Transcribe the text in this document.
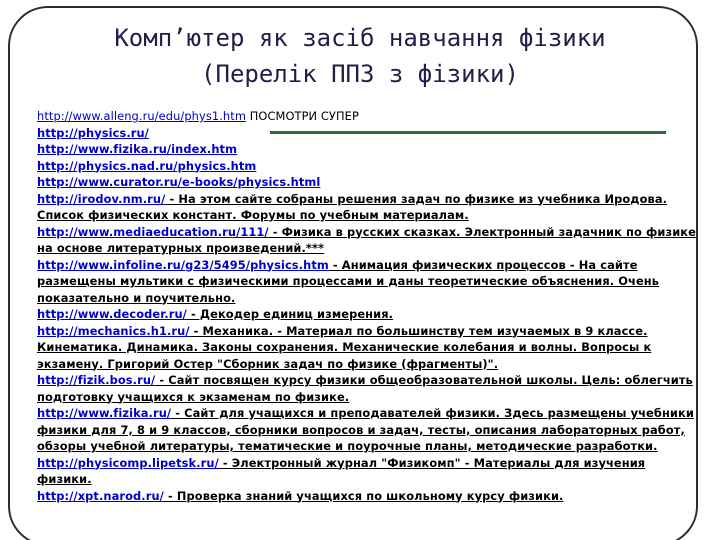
Комп’ютер як засіб навчання фізики
(Перелік ППЗ з фізики)

http://www.alleng.ru/edu/phys1.htm ПОСМОТРИ СУПЕР

http://physics.ru/

http://www.fizika.ru/index.htm

http://physics.nad.ru/physics.htm

http://www.curator.ru/e-books/physics.html

http://irodov.nm.ru/ - На этом сайте собраны решения задач по физике из учебника Иродова. Список физических констант. Форумы по учебным материалам.

http://www.mediaeducation.ru/111/ - Физика в русских сказках. Электронный задачник по физике на основе литературных произведений.***

http://www.infoline.ru/g23/5495/physics.htm - Анимация физических процессов - На сайте размещены мультики с физическими процессами и даны теоретические объяснения. Очень показательно и поучительно.

http://www.decoder.ru/ - Декодер единиц измерения.

http://mechanics.h1.ru/ - Механика. - Материал по большинству тем изучаемых в 9 классе. Кинематика. Динамика. Законы сохранения. Механические колебания и волны. Вопросы к экзамену. Григорий Остер "Сборник задач по физике (фрагменты)".

http://fizik.bos.ru/ - Сайт посвящен курсу физики общеобразовательной школы. Цель: облегчить подготовку учащихся к экзаменам по физике.

http://www.fizika.ru/ - Сайт для учащихся и преподавателей физики. Здесь размещены учебники физики для 7, 8 и 9 классов, сборники вопросов и задач, тесты, описания лабораторных работ, обзоры учебной литературы, тематические и поурочные планы, методические разработки.

http://physicomp.lipetsk.ru/ - Электронный журнал "Физикомп" - Материалы для изучения физики.

http://xpt.narod.ru/ - Проверка знаний учащихся по школьному курсу физики.
